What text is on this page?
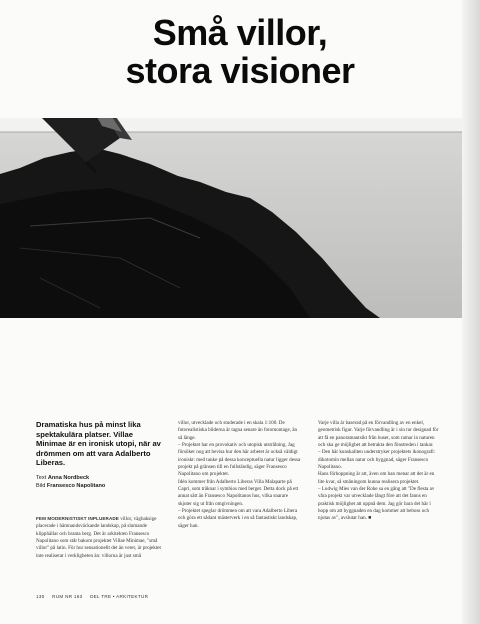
Små villor,
stora visioner
Dramatiska hus på minst lika spektakulära platser. Villae Minimae är en ironisk utopi, när av drömmen om att vara Adalberto Liberas.
Text Anna Nordbeck
Bild Fransesco Napolitano

FEM MODERNISTISKT INPLUERADE villor, vägbaksige placerade i hämnandsväckande landskap, på slumande klipphällar och branta berg. Det är arkitekten Fransesco Napolitano som står bakom projektet Villae Minimae, "små villor" på latin. För hur sensationellt det än verer, är projektet inte realiserat i verkligheten än: villorna är just små

villor, utvecklade och studerade i en skala 1:100. De fotorealistiska bilderna är tagna senare än fotomontage, än så länge.
– Projektet har en provokativ och utopisk utstrålning. Jag försöker nog att bevisa hur den här arbetet är också väldigt ironiskt: med tanke på dessa konceptuella natur ligger dessa projekt på gränsen till en fullständig, säger Fransesco Napolitano om projektet.
Idén kommer från Adalberto Liberas Villa Malaparte på Capri, som träknar i symbios med berget. Detta dock på ett annat sätt än Fransesco Napolitanos hus, vilka snarare skjuter sig ut från omgivningen.
– Projektet speglar drömmen om att vara Adalberto Libera och göra ett sådant mästerverk i en så fantastiskt landskap, säger han.

Varje villa är baserad på en förvandling av en enkel, geometrisk figur. Varje förvandling är i sin tur designad för att få en panoramautsikt från huset, som ramar in naturen och ska ge möjlighet att betrakta den fönstreden i tankar.
– Den här kunskaliten understryker projektets ikonografi: dikotomin mellan natur och byggnad, säger Fransesco Napolitano.
Hans förhoppning är att, även om han menar att det är en lite kvar, så småningom kunna realisera projektet.
– Ludwig Mies van der Rohe sa en gång att "De flesta av våra projekt var utvecklade långt före att det fanns en praktisk möjlighet att uppnå dem. Jag gör bara det här i hopp om att byggnaden en dag kommer att beboss och njutas av", avslutar han. ■

130 RUM NR 163 DEL TRE • ARKITEKTUR
